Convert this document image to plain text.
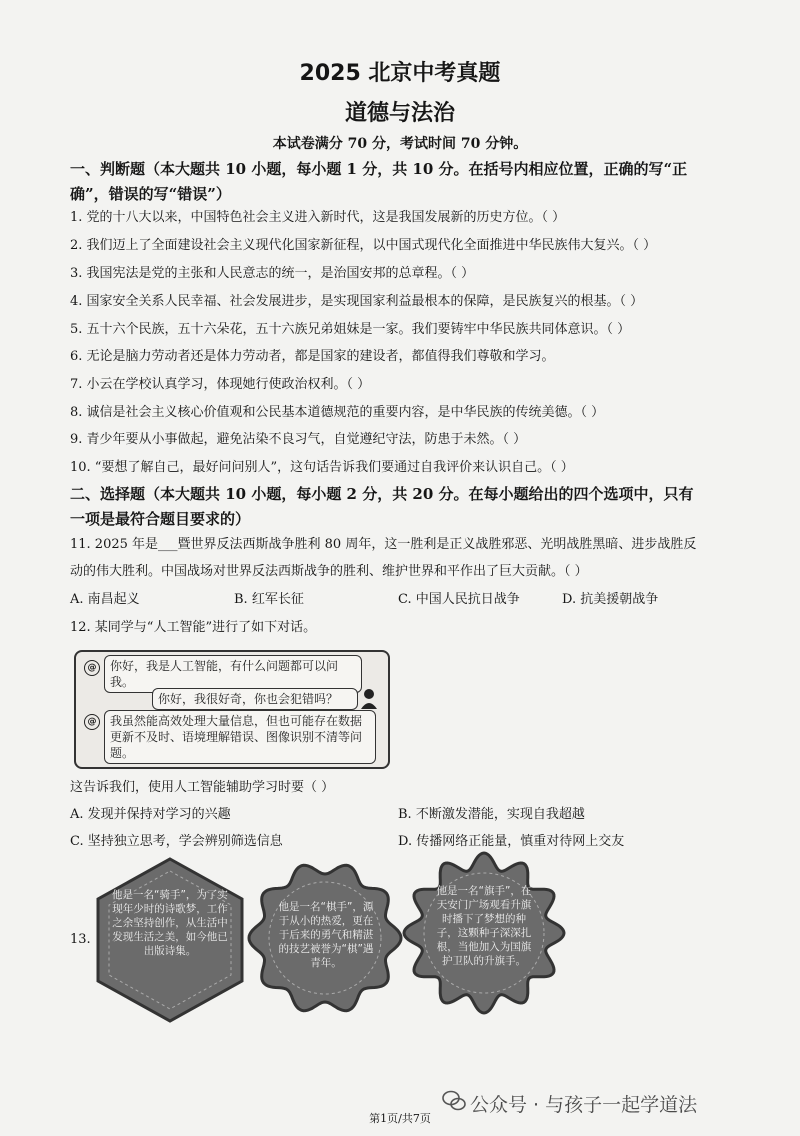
2025 北京中考真题
道德与法治
本试卷满分 70 分，考试时间 70 分钟。
一、判断题（本大题共 10 小题，每小题 1 分，共 10 分。在括号内相应位置，正确的写“正
确”，错误的写“错误”）
1. 党的十八大以来，中国特色社会主义进入新时代，这是我国发展新的历史方位。（ ）
2. 我们迈上了全面建设社会主义现代化国家新征程，以中国式现代化全面推进中华民族伟大复兴。（ ）
3. 我国宪法是党的主张和人民意志的统一，是治国安邦的总章程。（ ）
4. 国家安全关系人民幸福、社会发展进步，是实现国家利益最根本的保障，是民族复兴的根基。（ ）
5. 五十六个民族，五十六朵花，五十六族兄弟姐妹是一家。我们要铸牢中华民族共同体意识。（ ）
6. 无论是脑力劳动者还是体力劳动者，都是国家的建设者，都值得我们尊敬和学习。
7. 小云在学校认真学习，体现她行使政治权利。（ ）
8. 诚信是社会主义核心价值观和公民基本道德规范的重要内容，是中华民族的传统美德。（ ）
9. 青少年要从小事做起，避免沾染不良习气，自觉遵纪守法，防患于未然。（ ）
10. “要想了解自己，最好问问别人”，这句话告诉我们要通过自我评价来认识自己。（ ）
二、选择题（本大题共 10 小题，每小题 2 分，共 20 分。在每小题给出的四个选项中，只有
一项是最符合题目要求的）
11. 2025 年是___暨世界反法西斯战争胜利 80 周年，这一胜利是正义战胜邪恶、光明战胜黑暗、进步战胜反
动的伟大胜利。中国战场对世界反法西斯战争的胜利、维护世界和平作出了巨大贡献。（ ）
A. 南昌起义	B. 红军长征	C. 中国人民抗日战争	D. 抗美援朝战争
12. 某同学与“人工智能”进行了如下对话。
@	你好，我是人工智能，有什么问题都可以问我。
你好，我很好奇，你也会犯错吗？
@	我虽然能高效处理大量信息，但也可能存在数据更新不及时、语境理解错误、图像识别不清等问题。
这告诉我们，使用人工智能辅助学习时要（ ）
A. 发现并保持对学习的兴趣	B. 不断激发潜能，实现自我超越
C. 坚持独立思考，学会辨别筛选信息	D. 传播网络正能量，慎重对待网上交友
13.
他是一名“骑手”，为了实现年少时的诗歌梦，工作之余坚持创作，从生活中发现生活之美，如今他已出版诗集。
他是一名“棋手”，源于从小的热爱，更在于后来的勇气和精湛的技艺被誉为“棋”遇青年。
他是一名“旗手”，在天安门广场观看升旗时播下了梦想的种子，这颗种子深深扎根，当他加入为国旗护卫队的升旗手。
公众号 · 与孩子一起学道法
第1页/共7页
